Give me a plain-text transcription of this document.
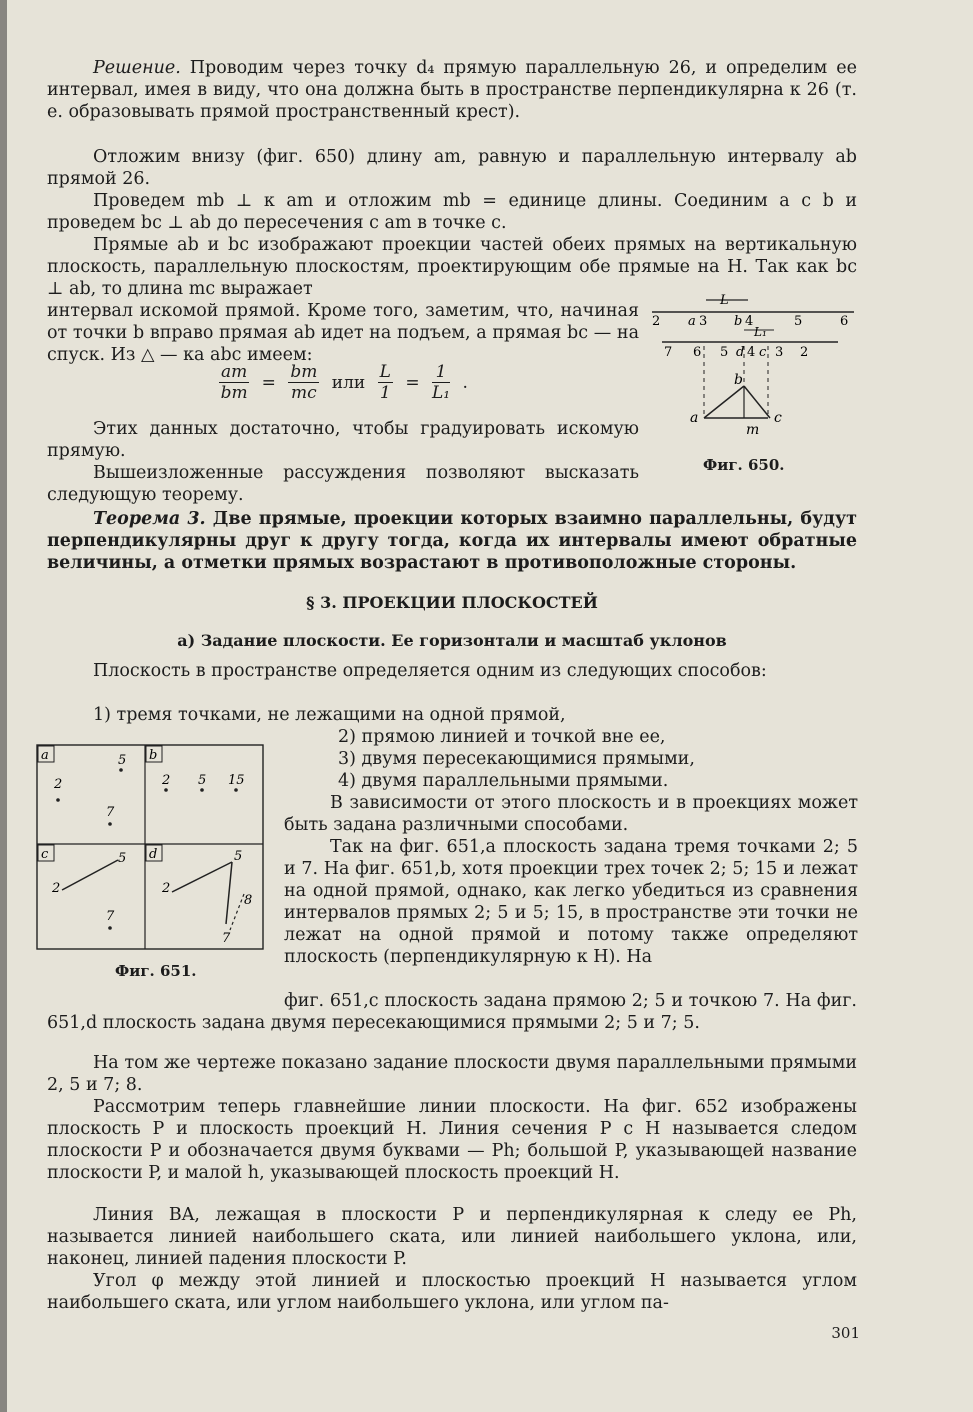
Решение. Проводим через точку d₄ прямую параллельную 26, и определим ее интервал, имея в виду, что она должна быть в пространстве перпендикулярна к 26 (т. е. образовывать прямой пространственный крест).
Отложим внизу (фиг. 650) длину am, равную и параллельную интервалу ab прямой 26.
Проведем mb ⊥ к am и отложим mb = единице длины. Соединим a с b и проведем bc ⊥ ab до пересечения с am в точке c.
Прямые ab и bc изображают проекции частей обеих прямых на вертикальную плоскость, параллельную плоскостям, проектирующим обе прямые на H. Так как bc ⊥ ab, то длина mc выражает
интервал искомой прямой. Кроме того, заметим, что, начиная от точки b вправо прямая ab идет на подъем, а прямая bc — на спуск. Из △ — ка abc имеем:
$\frac{am}{bm} = \frac{bm}{mc}$ или $\frac{L}{1} = \frac{1}{\text{L₁}}$ .
Этих данных достаточно, чтобы градуировать искомую прямую.
Вышеизложенные рассуждения позволяют высказать следующую теорему.
L
2 a 3 b 4	5	6
L₁
7 6 5 d 4 c 3 2
a
b
c
m
Фиг. 650.
Теорема 3. Две прямые, проекции которых взаимно параллельны, будут перпендикулярны друг к другу тогда, когда их интервалы имеют обратные величины, а отметки прямых возрастают в противоположные стороны.
§ 3. ПРОЕКЦИИ ПЛОСКОСТЕЙ
а) Задание плоскости. Ее горизонтали и масштаб уклонов
Плоскость в пространстве определяется одним из следующих способов:
1) тремя точками, не лежащими на одной прямой,
a	5
2
7
b
2 5 15
c	5
2
7
d	5
2
8
7
Фиг. 651.
2) прямою линией и точкой вне ее,
3) двумя пересекающимися прямыми,
4) двумя параллельными прямыми.
В зависимости от этого плоскость и в проекциях может быть задана различными способами.
Так на фиг. 651,a плоскость задана тремя точками 2; 5 и 7. На фиг. 651,b, хотя проекции трех точек 2; 5; 15 и лежат на одной прямой, однако, как легко убедиться из сравнения интервалов прямых 2; 5 и 5; 15, в пространстве эти точки не лежат на одной прямой и потому также определяют плоскость (перпендикулярную к H). На
фиг. 651,c плоскость задана прямою 2; 5 и точкою 7. На фиг. 651,d плоскость задана двумя пересекающимися прямыми 2; 5 и 7; 5.
На том же чертеже показано задание плоскости двумя параллельными прямыми 2, 5 и 7; 8.
Рассмотрим теперь главнейшие линии плоскости. На фиг. 652 изображены плоскость P и плоскость проекций H. Линия сечения P с H называется следом плоскости P и обозначается двумя буквами — Ph; большой P, указывающей название плоскости P, и малой h, указывающей плоскость проекций H.
Линия BA, лежащая в плоскости P и перпендикулярная к следу ее Ph, называется линией наибольшего ската, или линией наибольшего уклона, или, наконец, линией падения плоскости P.
Угол φ между этой линией и плоскостью проекций H называется углом наибольшего ската, или углом наибольшего уклона, или углом па-
301
